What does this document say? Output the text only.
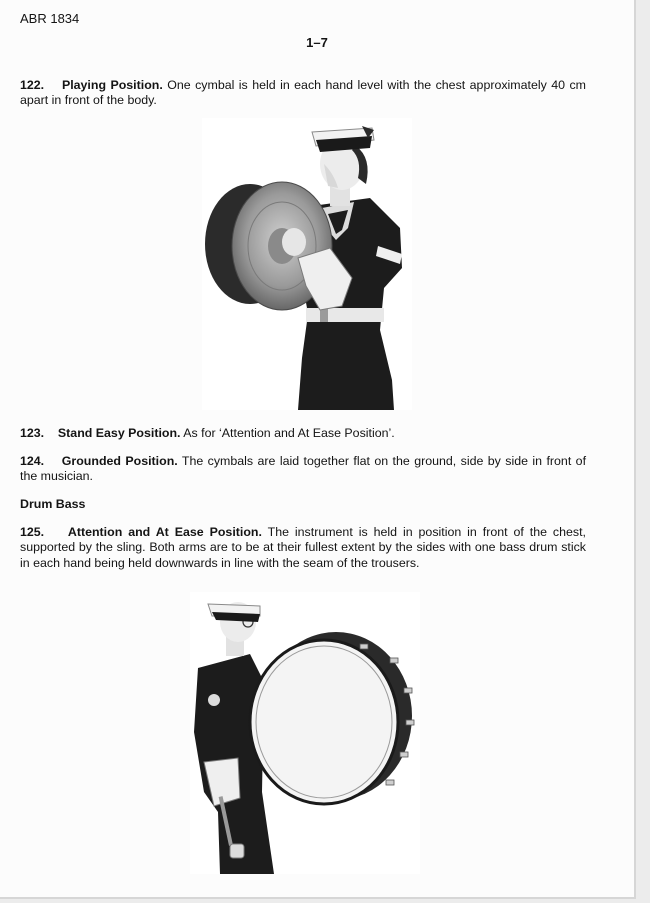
ABR 1834
1–7
122. Playing Position. One cymbal is held in each hand level with the chest approximately 40 cm apart in front of the body.
123. Stand Easy Position. As for ‘Attention and At Ease Position’.
124. Grounded Position. The cymbals are laid together flat on the ground, side by side in front of the musician.
Drum Bass
125. Attention and At Ease Position. The instrument is held in position in front of the chest, supported by the sling. Both arms are to be at their fullest extent by the sides with one bass drum stick in each hand being held downwards in line with the seam of the trousers.
